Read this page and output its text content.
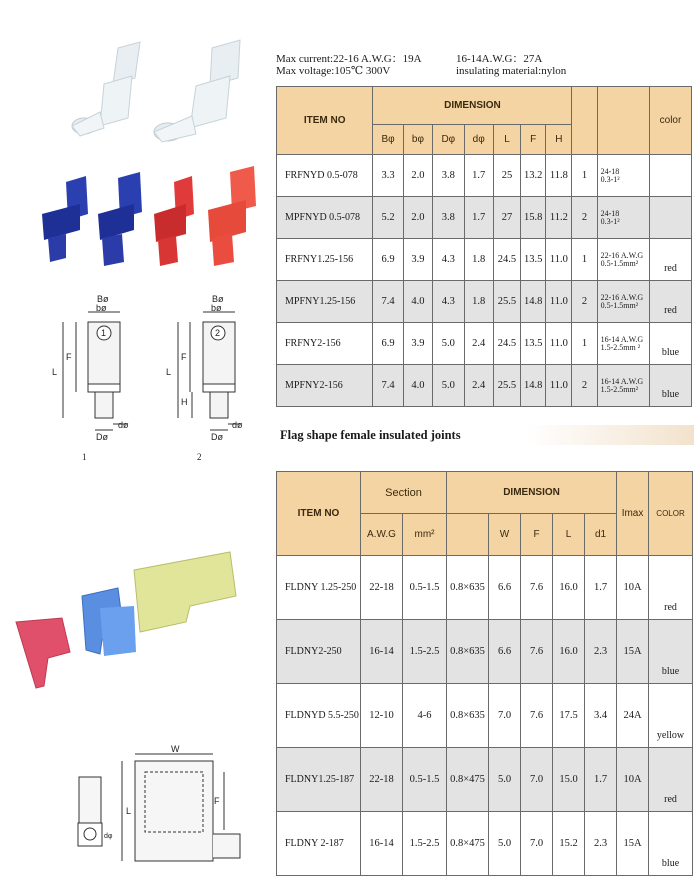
Bø
bø
1
F
L
Dø
dø
Bø
bø
2
F
L
H
Dø
dø
1	2
W
F
L
dφ
Max current:22-16 A.W.G：19A	16-14A.W.G：27A
Max voltage:105℃ 300V	insulating material:nylon
ITEM NO	DIMENSION									color
	Bφ	bφ	Dφ	dφ	L	F	H			
FRFNYD 0.5-078	3.3	2.0	3.8	1.7	25	13.2	11.8	1	24-18
0.3-1²	

MPFNYD 0.5-078	5.2	2.0	3.8	1.7	27	15.8	11.2	2	24-18
0.3-1²	

FRFNY1.25-156	6.9	3.9	4.3	1.8	24.5	13.5	11.0	1	22-16 A.W.G
0.5-1.5mm²	red
MPFNY1.25-156	7.4	4.0	4.3	1.8	25.5	14.8	11.0	2	22-16 A.W.G
0.5-1.5mm²	red
FRFNY2-156	6.9	3.9	5.0	2.4	24.5	13.5	11.0	1	16-14 A.W.G
1.5-2.5mm ²	blue
MPFNY2-156	7.4	4.0	5.0	2.4	25.5	14.8	11.0	2	16-14 A.W.G
1.5-2.5mm²	blue
Flag shape female insulated joints
ITEM NO	Section		DIMENSION					Imax	COLOR
	A.W.G	mm²		W	F	L	d1		
FLDNY 1.25-250	22-18	0.5-1.5	0.8×635	6.6	7.6	16.0	1.7	10A	red
FLDNY2-250	16-14	1.5-2.5	0.8×635	6.6	7.6	16.0	2.3	15A	blue
FLDNYD 5.5-250	12-10	4-6	0.8×635	7.0	7.6	17.5	3.4	24A	yellow
FLDNY1.25-187	22-18	0.5-1.5	0.8×475	5.0	7.0	15.0	1.7	10A	red
FLDNY 2-187	16-14	1.5-2.5	0.8×475	5.0	7.0	15.2	2.3	15A	blue
